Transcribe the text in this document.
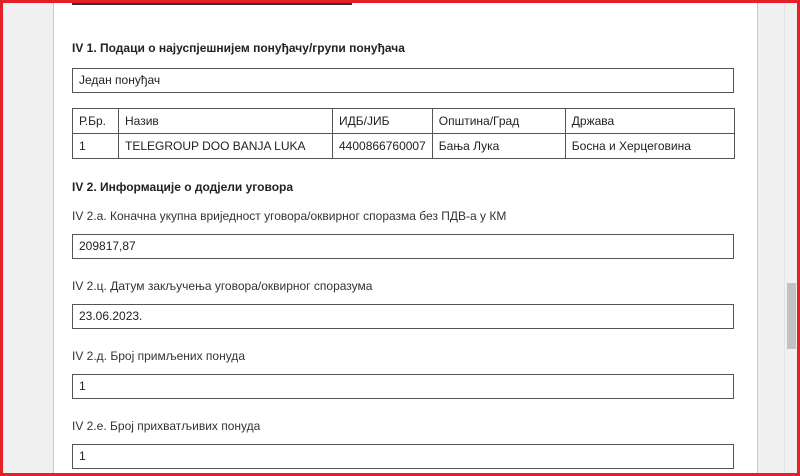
IV 1. Подаци о најуспјешнијем понуђачу/групи понуђача
Један понуђач
Р.Бр.	Назив	ИДБ/ЈИБ	Општина/Град	Држава
1	TELEGROUP DOO BANJA LUKA	4400866760007	Бања Лука	Босна и Херцеговина
IV 2. Информације о додјели уговора
IV 2.а. Коначна укупна вриједност уговора/оквирног споразма без ПДВ-а у КМ
209817,87
IV 2.ц. Датум закључења уговора/оквирног споразума
23.06.2023.
IV 2.д. Број примљених понуда
1
IV 2.е. Број прихватљивих понуда
1
